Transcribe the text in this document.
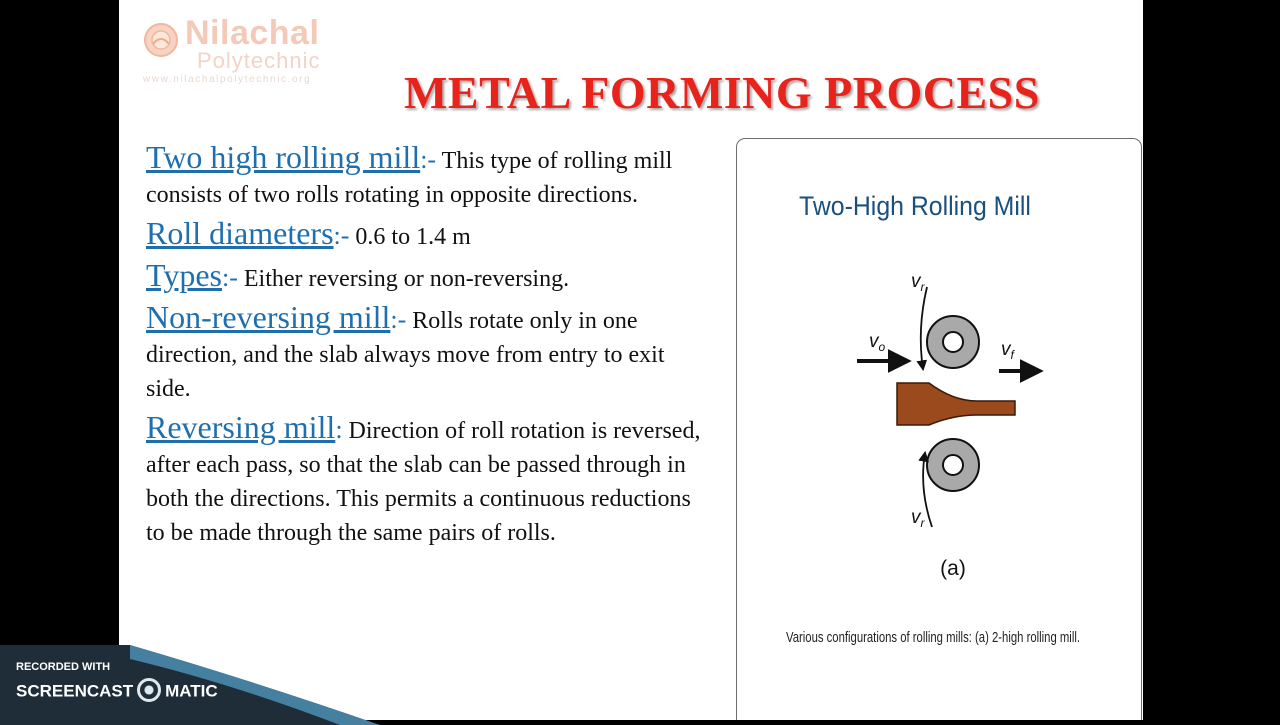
Nilachal
Polytechnic
www.nilachalpolytechnic.org METAL FORMING PROCESS

Two high rolling mill:- This type of rolling mill consists of two rolls rotating in opposite directions.

Roll diameters:- 0.6 to 1.4 m

Types:- Either reversing or non-reversing.

Non-reversing mill:- Rolls rotate only in one direction, and the slab always move from entry to exit side.

Reversing mill: Direction of roll rotation is reversed, after each pass, so that the slab can be passed through in both the directions. This permits a continuous reductions to be made through the same pairs of rolls.

Two-High Rolling Mill
$v_r$
$v_o$	$v_f$
$v_r$
(a)
Various configurations of rolling mills: (a) 2-high rolling mill.
RECORDED WITH
SCREENCAST MATIC
